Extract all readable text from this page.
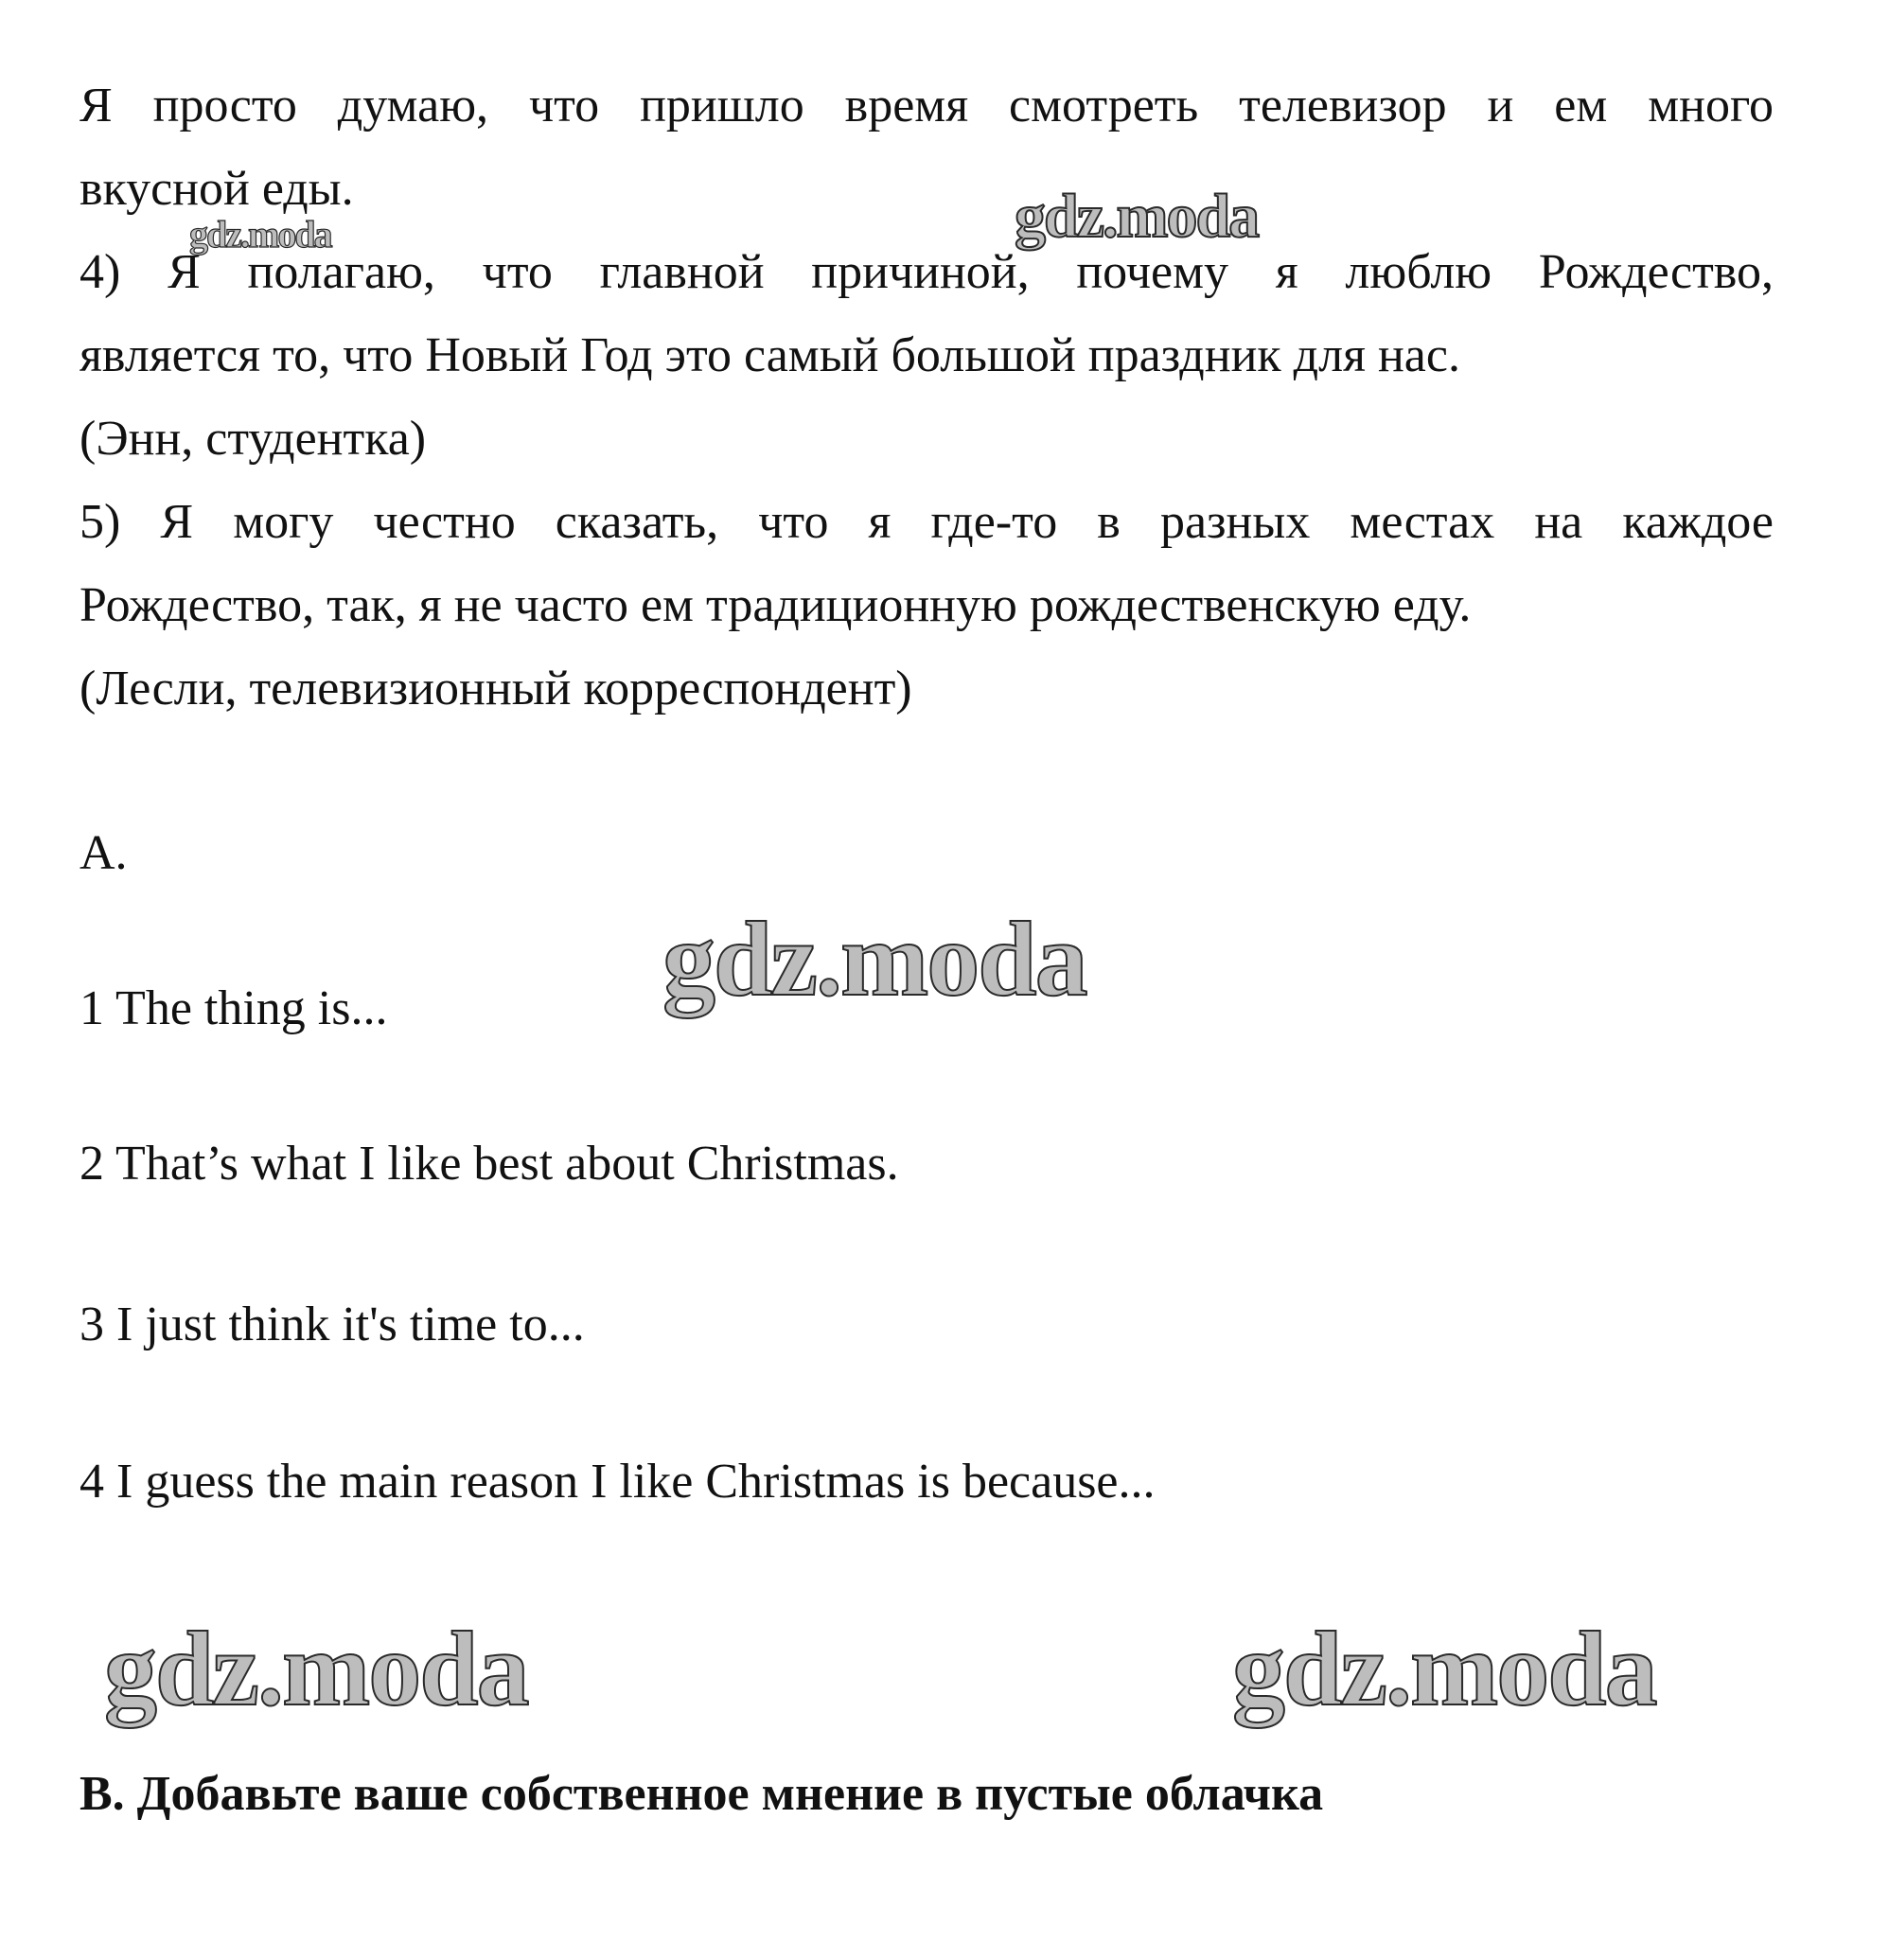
Я просто думаю, что пришло время смотреть телевизор и ем много
вкусной еды.
4) Я полагаю, что главной причиной, почему я люблю Рождество,
является то, что Новый Год это самый большой праздник для нас.
(Энн, студентка)
5) Я могу честно сказать, что я где-то в разных местах на каждое
Рождество, так, я не часто ем традиционную рождественскую еду.
(Лесли, телевизионный корреспондент)
A.
1 The thing is...
2 That’s what I like best about Christmas.
3 I just think it's time to...
4 I guess the main reason I like Christmas is because...
B. Добавьте ваше собственное мнение в пустые облачка
gdz.moda	gdz.moda
gdz.moda
gdz.moda	gdz.moda
